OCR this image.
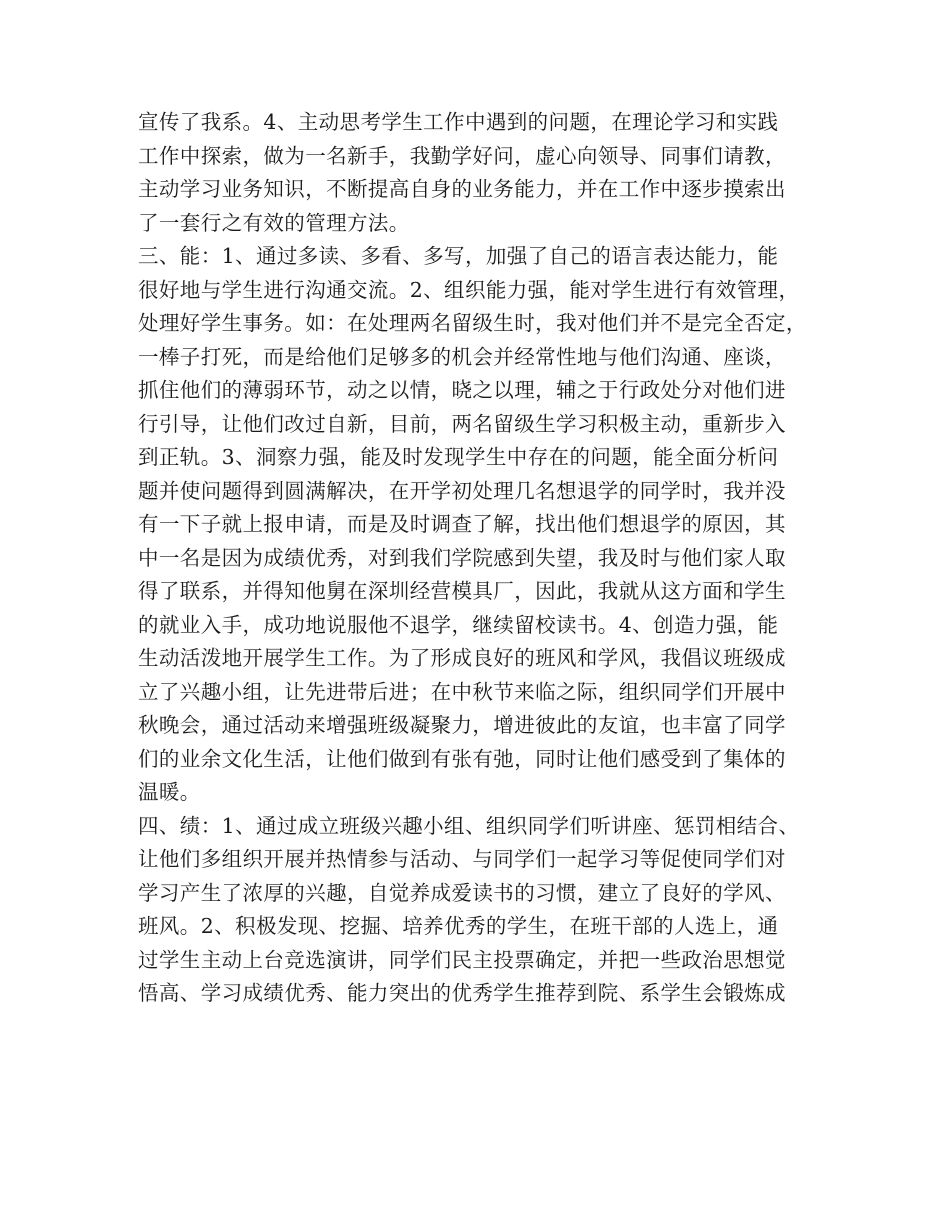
宣传了我系。4、主动思考学生工作中遇到的问题，在理论学习和实践
工作中探索，做为一名新手，我勤学好问，虚心向领导、同事们请教，
主动学习业务知识，不断提高自身的业务能力，并在工作中逐步摸索出
了一套行之有效的管理方法。
三、能：1、通过多读、多看、多写，加强了自己的语言表达能力，能
很好地与学生进行沟通交流。2、组织能力强，能对学生进行有效管理，
处理好学生事务。如：在处理两名留级生时，我对他们并不是完全否定，
一棒子打死，而是给他们足够多的机会并经常性地与他们沟通、座谈，
抓住他们的薄弱环节，动之以情，晓之以理，辅之于行政处分对他们进
行引导，让他们改过自新，目前，两名留级生学习积极主动，重新步入
到正轨。3、洞察力强，能及时发现学生中存在的问题，能全面分析问
题并使问题得到圆满解决，在开学初处理几名想退学的同学时，我并没
有一下子就上报申请，而是及时调查了解，找出他们想退学的原因，其
中一名是因为成绩优秀，对到我们学院感到失望，我及时与他们家人取
得了联系，并得知他舅在深圳经营模具厂，因此，我就从这方面和学生
的就业入手，成功地说服他不退学，继续留校读书。4、创造力强，能
生动活泼地开展学生工作。为了形成良好的班风和学风，我倡议班级成
立了兴趣小组，让先进带后进；在中秋节来临之际，组织同学们开展中
秋晚会，通过活动来增强班级凝聚力，增进彼此的友谊，也丰富了同学
们的业余文化生活，让他们做到有张有弛，同时让他们感受到了集体的
温暖。
四、绩：1、通过成立班级兴趣小组、组织同学们听讲座、惩罚相结合、
让他们多组织开展并热情参与活动、与同学们一起学习等促使同学们对
学习产生了浓厚的兴趣，自觉养成爱读书的习惯，建立了良好的学风、
班风。2、积极发现、挖掘、培养优秀的学生，在班干部的人选上，通
过学生主动上台竞选演讲，同学们民主投票确定，并把一些政治思想觉
悟高、学习成绩优秀、能力突出的优秀学生推荐到院、系学生会锻炼成
